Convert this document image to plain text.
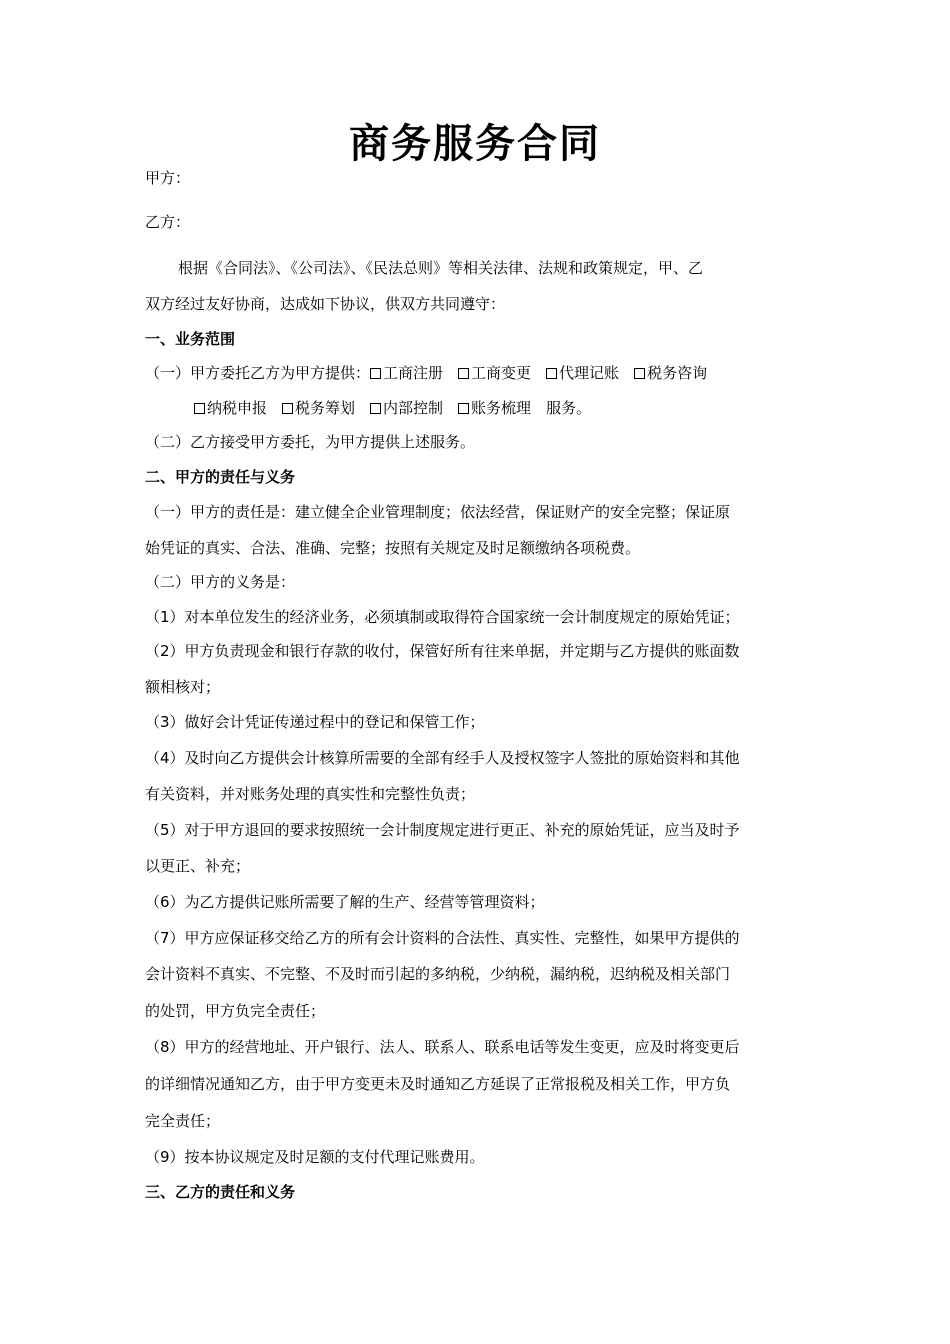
商务服务合同
甲方：
乙方：
根据《合同法》、《公司法》、《民法总则》等相关法律、法规和政策规定，甲、乙
双方经过友好协商，达成如下协议，供双方共同遵守：
一、业务范围
（一）甲方委托乙方为甲方提供： 工商注册 工商变更 代理记账 税务咨询
纳税申报 税务筹划 内部控制 账务梳理 服务。
（二）乙方接受甲方委托，为甲方提供上述服务。
二、甲方的责任与义务
（一）甲方的责任是：建立健全企业管理制度；依法经营，保证财产的安全完整；保证原
始凭证的真实、合法、准确、完整；按照有关规定及时足额缴纳各项税费。
（二）甲方的义务是：
（1）对本单位发生的经济业务，必须填制或取得符合国家统一会计制度规定的原始凭证；
（2）甲方负责现金和银行存款的收付，保管好所有往来单据，并定期与乙方提供的账面数
额相核对；
（3）做好会计凭证传递过程中的登记和保管工作；
（4）及时向乙方提供会计核算所需要的全部有经手人及授权签字人签批的原始资料和其他
有关资料，并对账务处理的真实性和完整性负责；
（5）对于甲方退回的要求按照统一会计制度规定进行更正、补充的原始凭证，应当及时予
以更正、补充；
（6）为乙方提供记账所需要了解的生产、经营等管理资料；
（7）甲方应保证移交给乙方的所有会计资料的合法性、真实性、完整性，如果甲方提供的
会计资料不真实、不完整、不及时而引起的多纳税，少纳税，漏纳税，迟纳税及相关部门
的处罚，甲方负完全责任；
（8）甲方的经营地址、开户银行、法人、联系人、联系电话等发生变更，应及时将变更后
的详细情况通知乙方，由于甲方变更未及时通知乙方延误了正常报税及相关工作，甲方负
完全责任；
（9）按本协议规定及时足额的支付代理记账费用。
三、乙方的责任和义务
